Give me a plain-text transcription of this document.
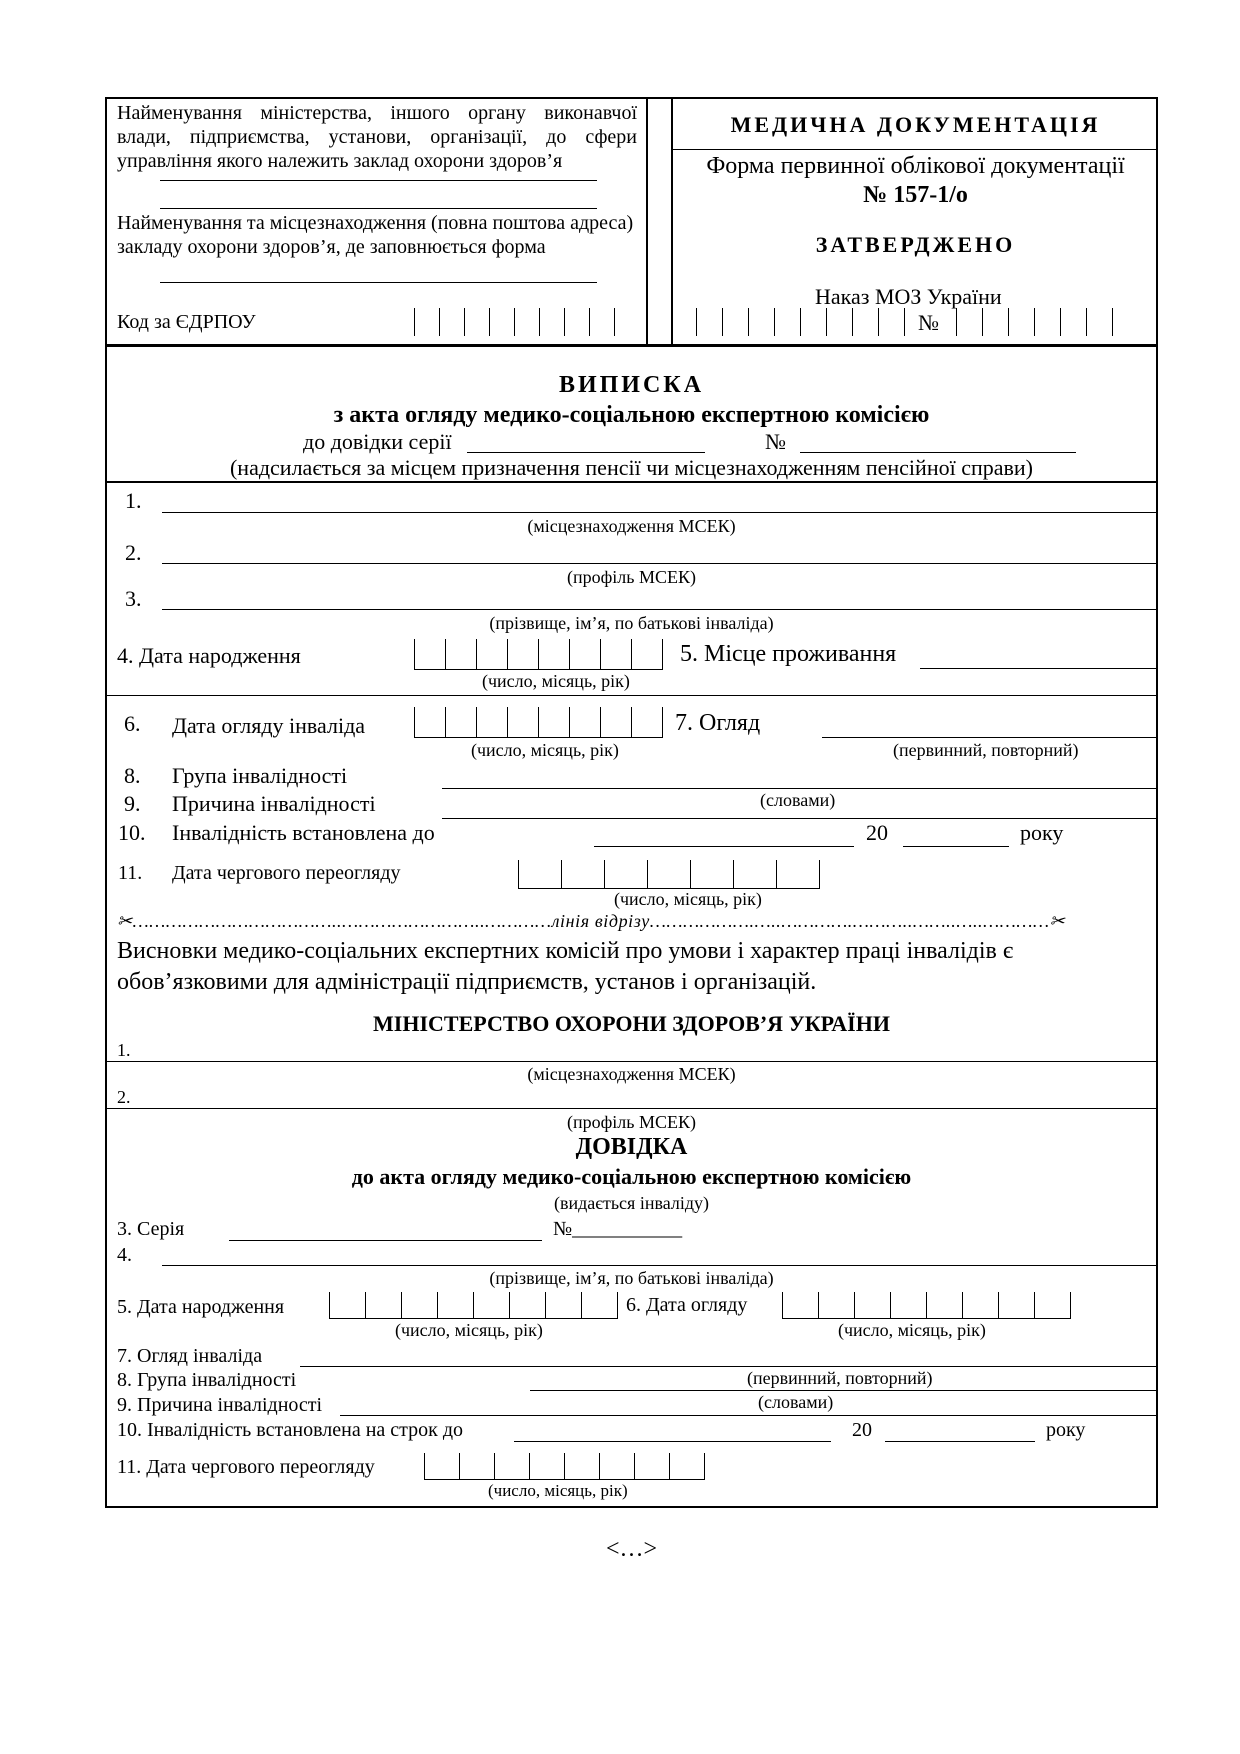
Найменування міністерства, іншого органу виконавчої влади, підприємства, установи, організації, до сфери управління якого належить заклад охорони здоров’я
Найменування та місцезнаходження (повна поштова адреса) закладу охорони здоров’я, де заповнюється форма
Код за ЄДРПОУ
МЕДИЧНА ДОКУМЕНТАЦІЯ
Форма первинної облікової документації
№ 157-1/о
ЗАТВЕРДЖЕНО
Наказ МОЗ України
№
ВИПИСКА
з акта огляду медико-соціальною експертною комісією
до довідки серії	№
(надсилається за місцем призначення пенсії чи місцезнаходженням пенсійної справи)
1.
(місцезнаходження МСЕК)
2.
(профіль МСЕК)
3.
(прізвище, ім’я, по батькові інваліда)
4. Дата народження
(число, місяць, рік)
5. Місце проживання
6. Дата огляду інваліда
(число, місяць, рік)
7. Огляд
(первинний, повторний)
8. Група інвалідності
9. Причина інвалідності	(словами)
10. Інвалідність встановлена до	20	року
11. Дата чергового переогляду
(число, місяць, рік)
✂………………………………..……………………..…………лінія відрізу……………….…..………….………..……..…..…………✂
Висновки медико-соціальних експертних комісій про умови і характер праці інвалідів є обов’язковими для адміністрації підприємств, установ і організацій.
МІНІСТЕРСТВО ОХОРОНИ ЗДОРОВ’Я УКРАЇНИ
1.
(місцезнаходження МСЕК)
2.
(профіль МСЕК)
ДОВІДКА
до акта огляду медико-соціальною експертною комісією
(видається інваліду)
3. Серія	№___________
4.
(прізвище, ім’я, по батькові інваліда)
5. Дата народження
(число, місяць, рік)
6. Дата огляду
(число, місяць, рік)
7. Огляд інваліда
(первинний, повторний)
8. Група інвалідності
(словами)
9. Причина інвалідності
10. Інвалідність встановлена на строк до	20	року
11. Дата чергового переогляду
(число, місяць, рік)
<…>
